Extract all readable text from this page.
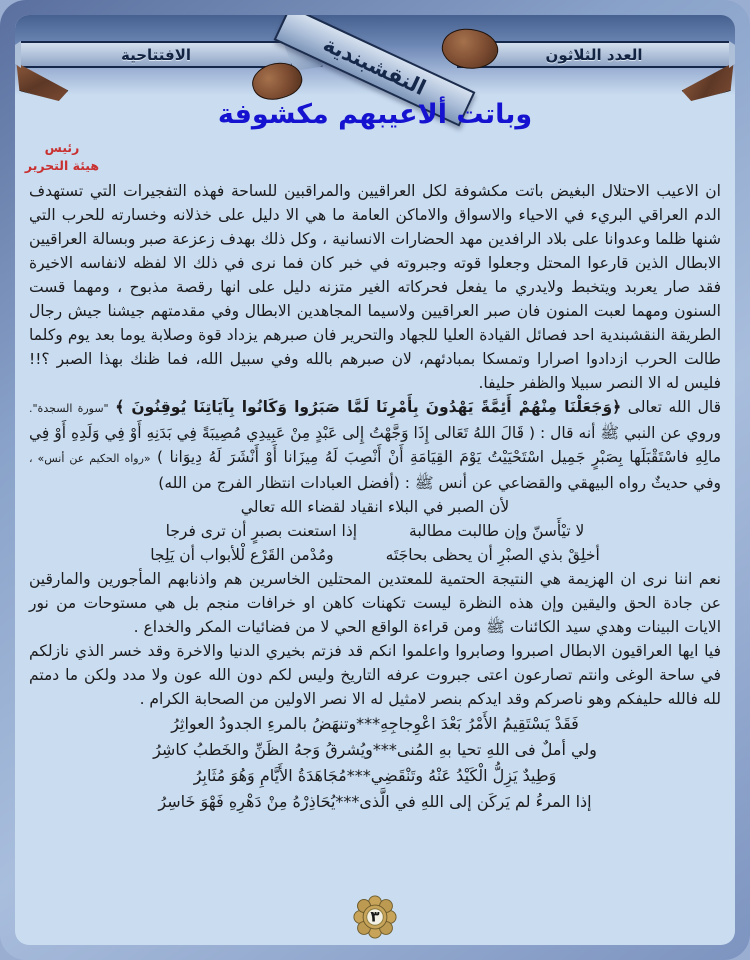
العدد الثلاثون
الافتتاحية	النقشبندية
وباتت ألاعيبهم مكشوفة
رئيس
هيئة التحرير

ان الاعيب الاحتلال البغيض باتت مكشوفة لكل العراقيين والمراقبين للساحة فهذه التفجيرات التي تستهدف الدم العراقي البريء في الاحياء والاسواق والاماكن العامة ما هي الا دليل على خذلانه وخسارته للحرب التي شنها ظلما وعدوانا على بلاد الرافدين مهد الحضارات الانسانية ، وكل ذلك بهدف زعزعة صبر وبسالة العراقيين الابطال الذين قارعوا المحتل وجعلوا قوته وجبروته في خبر كان فما نرى في ذلك الا لفظه لانفاسه الاخيرة فقد صار يعربد ويتخبط ولايدري ما يفعل فحركاته الغير متزنه دليل على انها رقصة مذبوح ، ومهما قست السنون ومهما لعبت المنون فان صبر العراقيين ولاسيما المجاهدين الابطال وفي مقدمتهم جيشنا جيش رجال الطريقة النقشبندية احد فصائل القيادة العليا للجهاد والتحرير فان صبرهم يزداد قوة وصلابة يوما بعد يوم وكلما طالت الحرب ازدادوا اصرارا وتمسكا بمبادئهم، لان صبرهم بالله وفي سبيل الله، فما ظنك بهذا الصبر ؟!! فليس له الا النصر سبيلا والظفر حليفا.

قال الله تعالى ﴿وَجَعَلْنَا مِنْهُمْ أَئِمَّةً يَهْدُونَ بِأَمْرِنَا لَمَّا صَبَرُوا وَكَانُوا بِآيَاتِنَا يُوقِنُونَ ﴾ "سورة السجدة". وروي عن النبي ﷺ أنه قال : ( قَالَ اللهُ تَعَالى إِذَا وَجَّهْتُ إِلى عَبْدٍ مِنْ عَبِيدِي مُصِيبَةً فِي بَدَنِهِ أَوْ فِي وَلَدِهِ أَوْ فِي مالِهِ فاسْتَقْبَلَها بِصَبْرٍ جَمِيل اسْتَحْيَيْتُ يَوْمَ القِيَامَةِ أَنْ أَنْصِبَ لَهُ مِيزَانا أَوْ أَنْشَرَ لَهُ دِيوَانا ) «رواه الحكيم عن أنس» ، وفي حديثٌ رواه البيهقي والقضاعي عن أنس ﷺ : (أفضل العبادات انتظار الفرج من الله)

لأن الصبر في البلاء انقياد لقضاء الله تعالي
لا تيْأَسنّ وإن طالبت مطالبة
إذا استعنت بصبرٍ أن ترى فرجا
أخلِقْ بذي الصبْرِ أن يحظى بحاجَتَه
ومُدْمن القَرْع لْلأبواب أن يَلِجا

نعم اننا نرى ان الهزيمة هي النتيجة الحتمية للمعتدين المحتلين الخاسرين هم واذنابهم المأجورين والمارقين عن جادة الحق واليقين وإن هذه النظرة ليست تكهنات كاهن او خرافات منجم بل هي مستوحات من نور الايات البينات وهدي سيد الكائنات ﷺ ومن قراءة الواقع الحي لا من فضائيات المكر والخداع .

فيا ايها العراقيون الابطال اصبروا وصابروا واعلموا انكم قد فزتم بخيري الدنيا والاخرة وقد خسر الذي نازلكم في ساحة الوغى وانتم تصارعون اعتى جبروت عرفه التاريخ وليس لكم دون الله عون ولا مدد ولكن ما دمتم لله فالله حليفكم وهو ناصركم وقد ايدكم بنصر لامثيل له الا نصر الاولين من الصحابة الكرام .

فَقَدْ يَسْتَقِيمُ الأَمْرُ بَعْدَ اعْوِجاجِهِ***وتنهَضُ بالمرءِ الجدودُ العواثِرُ
ولي أملٌ فى اللهِ تحيا بهِ المُنى***ويُشرقُ وَجهُ الظَنِّ والخَطبُ كاشِرُ
وَطِيدٌ يَزِلُّ الْكَيْدُ عَنْهُ وتَنْقَضِي***مُجَاهَدَةُ الأَيَّامِ وَهُوَ مُثَابِرُ
إذا المرءُ لم يَركَن إلى اللهِ في الَّذى***يُحَاذِرْهُ مِنْ دَهْرِهِ فَهْوَ خَاسِرُ
٣
